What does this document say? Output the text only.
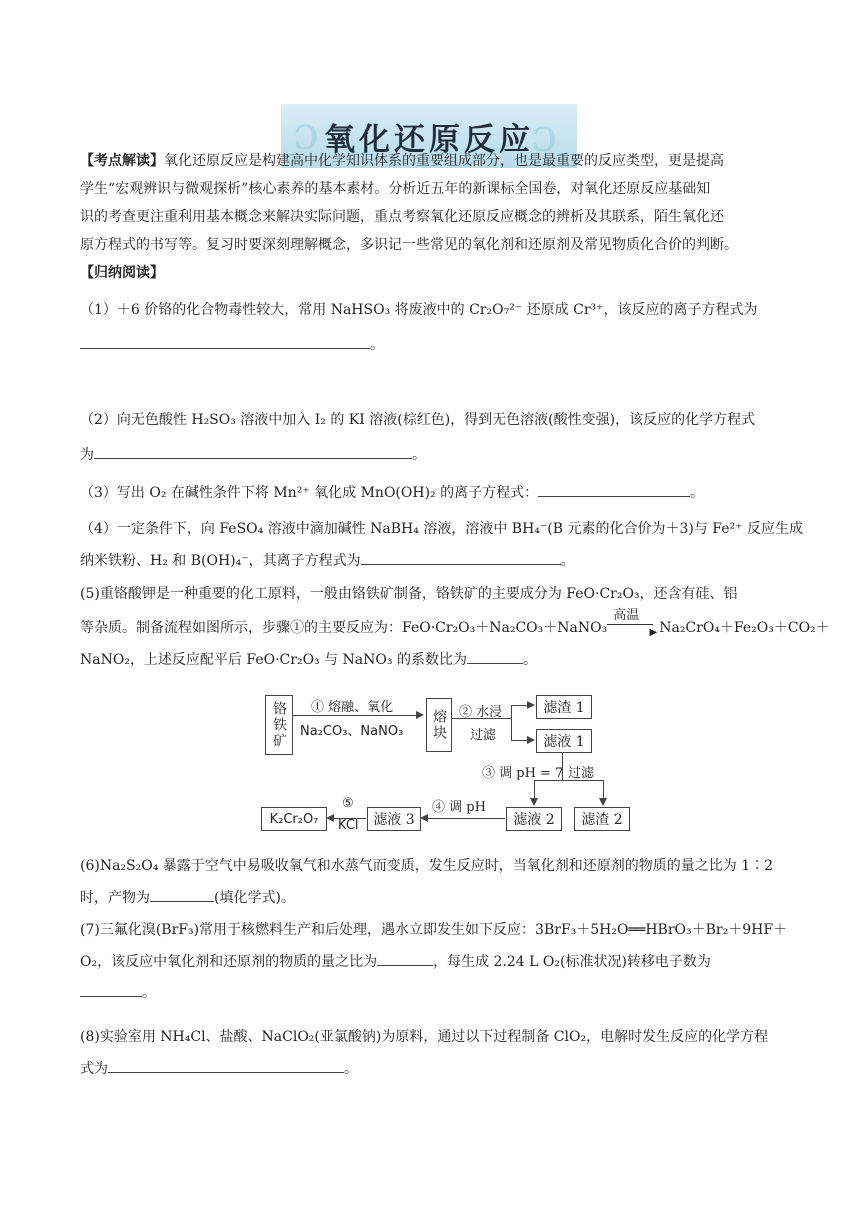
ɔ	ɔ
氧化还原反应
【考点解读】氧化还原反应是构建高中化学知识体系的重要组成部分，也是最重要的反应类型，更是提高
学生“宏观辨识与微观探析”核心素养的基本素材。分析近五年的新课标全国卷，对氧化还原反应基础知
识的考查更注重利用基本概念来解决实际问题，重点考察氧化还原反应概念的辨析及其联系，陌生氧化还
原方程式的书写等。复习时要深刻理解概念，多识记一些常见的氧化剂和还原剂及常见物质化合价的判断。
【归纳阅读】
（1）＋6 价铬的化合物毒性较大，常用 NaHSO₃ 将废液中的 Cr₂O₇²⁻ 还原成 Cr³⁺，该反应的离子方程式为
。
（2）向无色酸性 H₂SO₃ 溶液中加入 I₂ 的 KI 溶液(棕红色)，得到无色溶液(酸性变强)，该反应的化学方程式
为	。
（3）写出 O₂ 在碱性条件下将 Mn²⁺ 氧化成 MnO(OH)₂ 的离子方程式：	。
（4）一定条件下，向 FeSO₄ 溶液中滴加碱性 NaBH₄ 溶液，溶液中 BH₄⁻(B 元素的化合价为＋3)与 Fe²⁺ 反应生成
纳米铁粉、H₂ 和 B(OH)₄⁻，其离子方程式为	。
(5)重铬酸钾是一种重要的化工原料，一般由铬铁矿制备，铬铁矿的主要成分为 FeO·Cr₂O₃，还含有硅、铝
等杂质。制备流程如图所示，步骤①的主要反应为：FeO·Cr₂O₃＋Na₂CO₃＋NaNO₃
高温
▶ Na₂CrO₄＋Fe₂O₃＋CO₂＋
NaNO₂，上述反应配平后 FeO·Cr₂O₃ 与 NaNO₃ 的系数比为	。
铬铁矿	① 熔融、氧化
Na₂CO₃、NaNO₃	熔块 ② 水浸
过滤
滤渣 1
滤液 1
③ 调 pH = 7 过滤
滤液 2	滤渣 2
④ 调 pH
滤液 3
⑤
KCl
K₂Cr₂O₇
(6)Na₂S₂O₄ 暴露于空气中易吸收氧气和水蒸气而变质，发生反应时，当氧化剂和还原剂的物质的量之比为 1∶2
时，产物为	(填化学式)。
(7)三氟化溴(BrF₃)常用于核燃料生产和后处理，遇水立即发生如下反应：3BrF₃＋5H₂O══HBrO₃＋Br₂＋9HF＋
O₂，该反应中氧化剂和还原剂的物质的量之比为	，每生成 2.24 L O₂(标准状况)转移电子数为
。
(8)实验室用 NH₄Cl、盐酸、NaClO₂(亚氯酸钠)为原料，通过以下过程制备 ClO₂，电解时发生反应的化学方程
式为	。
